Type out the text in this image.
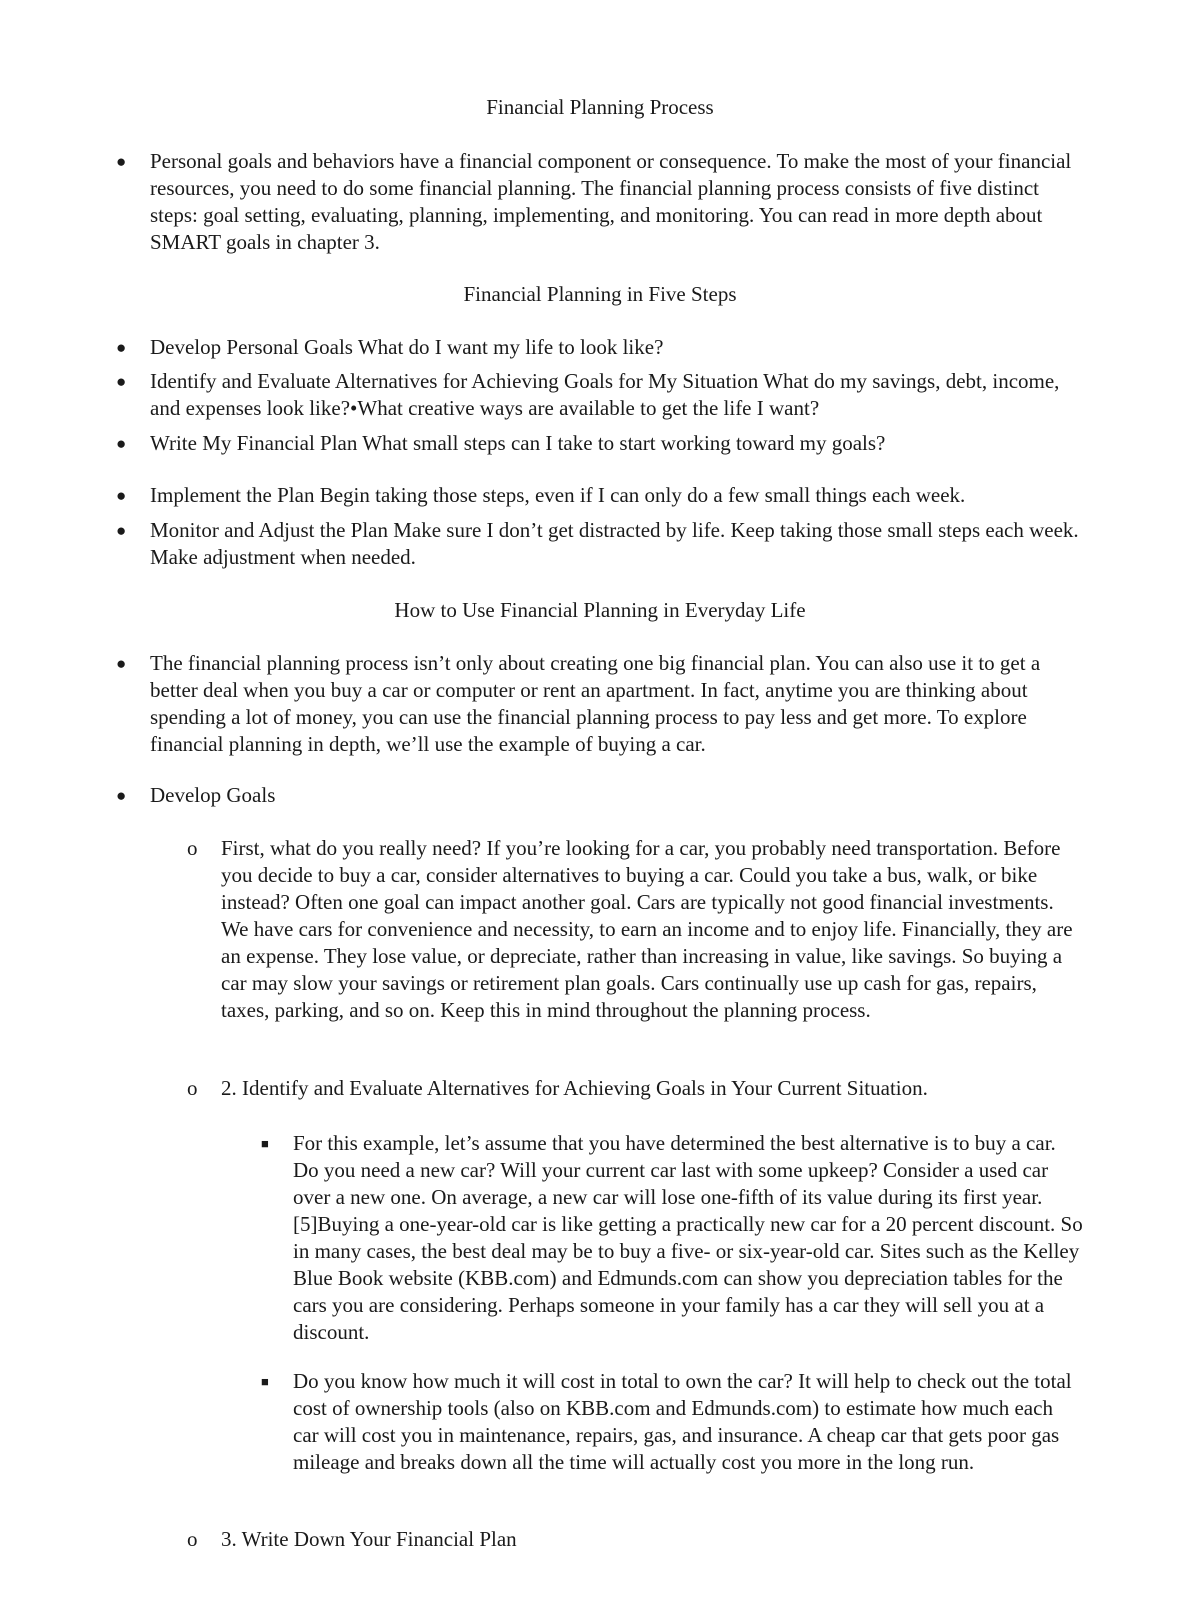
Financial Planning Process
● Personal goals and behaviors have a financial component or consequence. To make the most of your financial resources, you need to do some financial planning. The financial planning process consists of five distinct steps: goal setting, evaluating, planning, implementing, and monitoring. You can read in more depth about SMART goals in chapter 3.
Financial Planning in Five Steps
● Develop Personal Goals What do I want my life to look like?
● Identify and Evaluate Alternatives for Achieving Goals for My Situation What do my savings, debt, income, and expenses look like?•What creative ways are available to get the life I want?
● Write My Financial Plan What small steps can I take to start working toward my goals?
● Implement the Plan Begin taking those steps, even if I can only do a few small things each week.
● Monitor and Adjust the Plan Make sure I don’t get distracted by life. Keep taking those small steps each week. Make adjustment when needed.
How to Use Financial Planning in Everyday Life
● The financial planning process isn’t only about creating one big financial plan. You can also use it to get a better deal when you buy a car or computer or rent an apartment. In fact, anytime you are thinking about spending a lot of money, you can use the financial planning process to pay less and get more. To explore financial planning in depth, we’ll use the example of buying a car.
● Develop Goals
o First, what do you really need? If you’re looking for a car, you probably need transportation. Before you decide to buy a car, consider alternatives to buying a car. Could you take a bus, walk, or bike instead? Often one goal can impact another goal. Cars are typically not good financial investments. We have cars for convenience and necessity, to earn an income and to enjoy life. Financially, they are an expense. They lose value, or depreciate, rather than increasing in value, like savings. So buying a car may slow your savings or retirement plan goals. Cars continually use up cash for gas, repairs, taxes, parking, and so on. Keep this in mind throughout the planning process.
o 2. Identify and Evaluate Alternatives for Achieving Goals in Your Current Situation.
■ For this example, let’s assume that you have determined the best alternative is to buy a car. Do you need a new car? Will your current car last with some upkeep? Consider a used car over a new one. On average, a new car will lose one-fifth of its value during its first year.[5]Buying a one-year-old car is like getting a practically new car for a 20 percent discount. So in many cases, the best deal may be to buy a five- or six-year-old car. Sites such as the Kelley Blue Book website (KBB.com) and Edmunds.com can show you depreciation tables for the cars you are considering. Perhaps someone in your family has a car they will sell you at a discount.
■ Do you know how much it will cost in total to own the car? It will help to check out the total cost of ownership tools (also on KBB.com and Edmunds.com) to estimate how much each car will cost you in maintenance, repairs, gas, and insurance. A cheap car that gets poor gas mileage and breaks down all the time will actually cost you more in the long run.
o 3. Write Down Your Financial Plan
